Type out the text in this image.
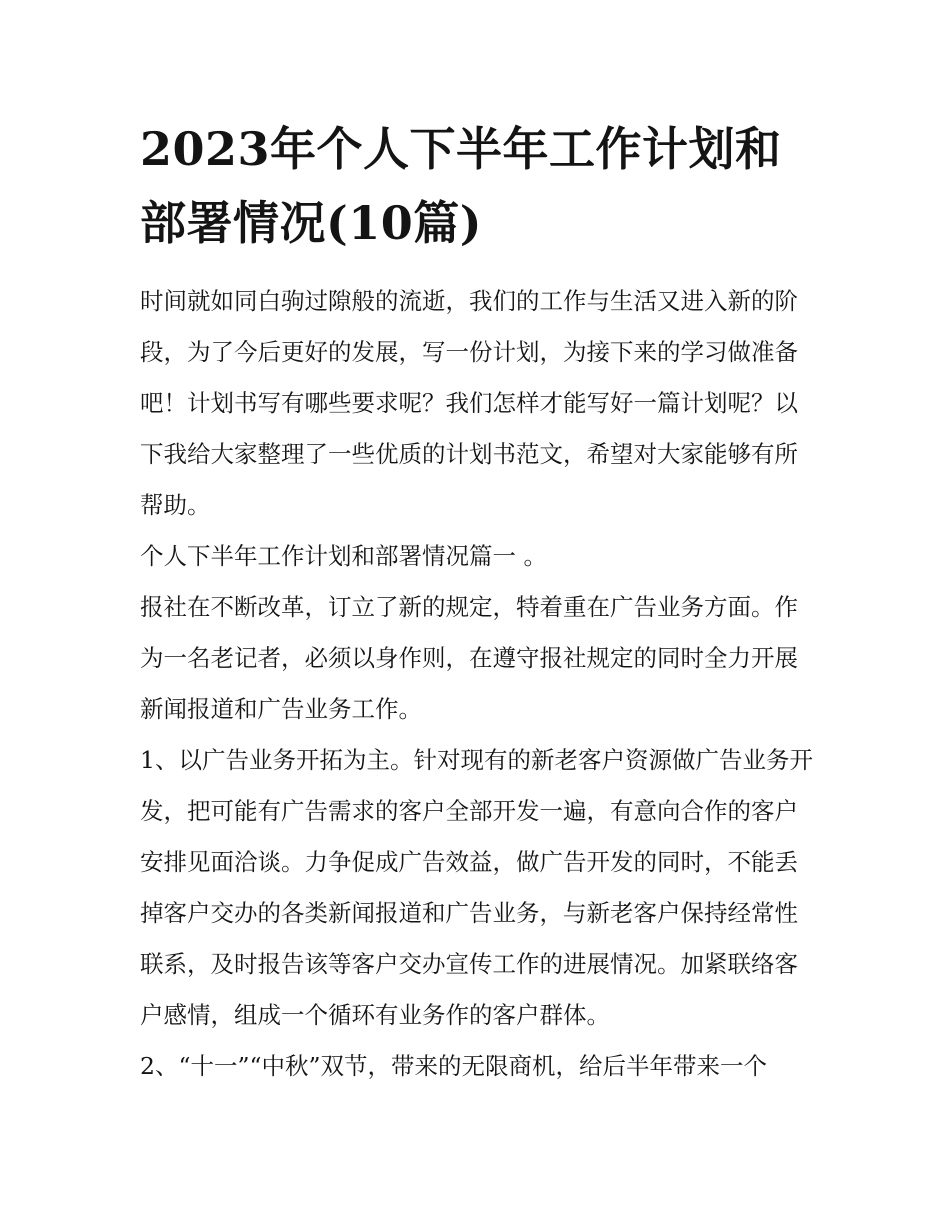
2023年个人下半年工作计划和部署情况(10篇)

时间就如同白驹过隙般的流逝，我们的工作与生活又进入新的阶段，为了今后更好的发展，写一份计划，为接下来的学习做准备吧！计划书写有哪些要求呢？我们怎样才能写好一篇计划呢？以下我给大家整理了一些优质的计划书范文，希望对大家能够有所帮助。

个人下半年工作计划和部署情况篇一 。

报社在不断改革，订立了新的规定，特着重在广告业务方面。作为一名老记者，必须以身作则，在遵守报社规定的同时全力开展新闻报道和广告业务工作。

1、以广告业务开拓为主。针对现有的新老客户资源做广告业务开发，把可能有广告需求的客户全部开发一遍，有意向合作的客户安排见面洽谈。力争促成广告效益，做广告开发的同时，不能丢掉客户交办的各类新闻报道和广告业务，与新老客户保持经常性联系，及时报告该等客户交办宣传工作的进展情况。加紧联络客户感情，组成一个循环有业务作的客户群体。

2、“十一”“中秋”双节，带来的无限商机，给后半年带来一个
